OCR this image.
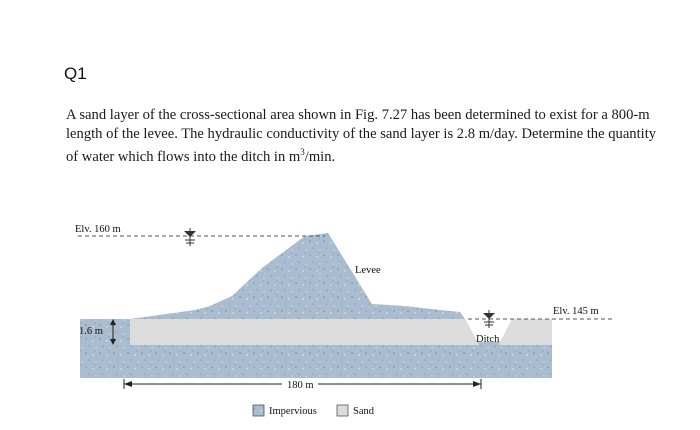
Q1

A sand layer of the cross-sectional area shown in Fig. 7.27 has been determined to exist for a 800-m length of the levee. The hydraulic conductivity of the sand layer is 2.8 m/day. Determine the quantity of water which flows into the ditch in $m^3/\min$.

Elv. 160 m
Elv. 145 m
Levee
Ditch
1.6 m
180 m
Impervious	Sand
